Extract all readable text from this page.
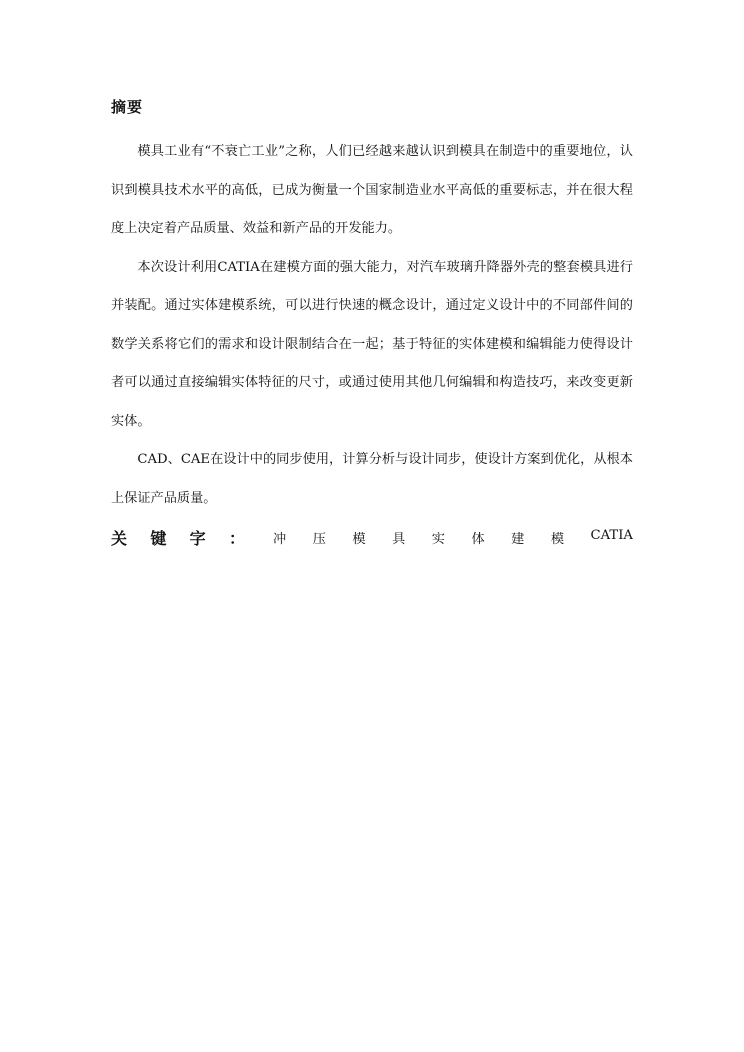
摘要

模具工业有“不衰亡工业”之称，人们已经越来越认识到模具在制造中的重要地位，认识到模具技术水平的高低，已成为衡量一个国家制造业水平高低的重要标志，并在很大程度上决定着产品质量、效益和新产品的开发能力。

本次设计利用CATIA在建模方面的强大能力，对汽车玻璃升降器外壳的整套模具进行并装配。通过实体建模系统，可以进行快速的概念设计，通过定义设计中的不同部件间的数学关系将它们的需求和设计限制结合在一起；基于特征的实体建模和编辑能力使得设计者可以通过直接编辑实体特征的尺寸，或通过使用其他几何编辑和构造技巧，来改变更新实体。

CAD、CAE在设计中的同步使用，计算分析与设计同步，使设计方案到优化，从根本上保证产品质量。

关 键 字 ： 冲 压 模 具 实 体 建 模 CATIA
